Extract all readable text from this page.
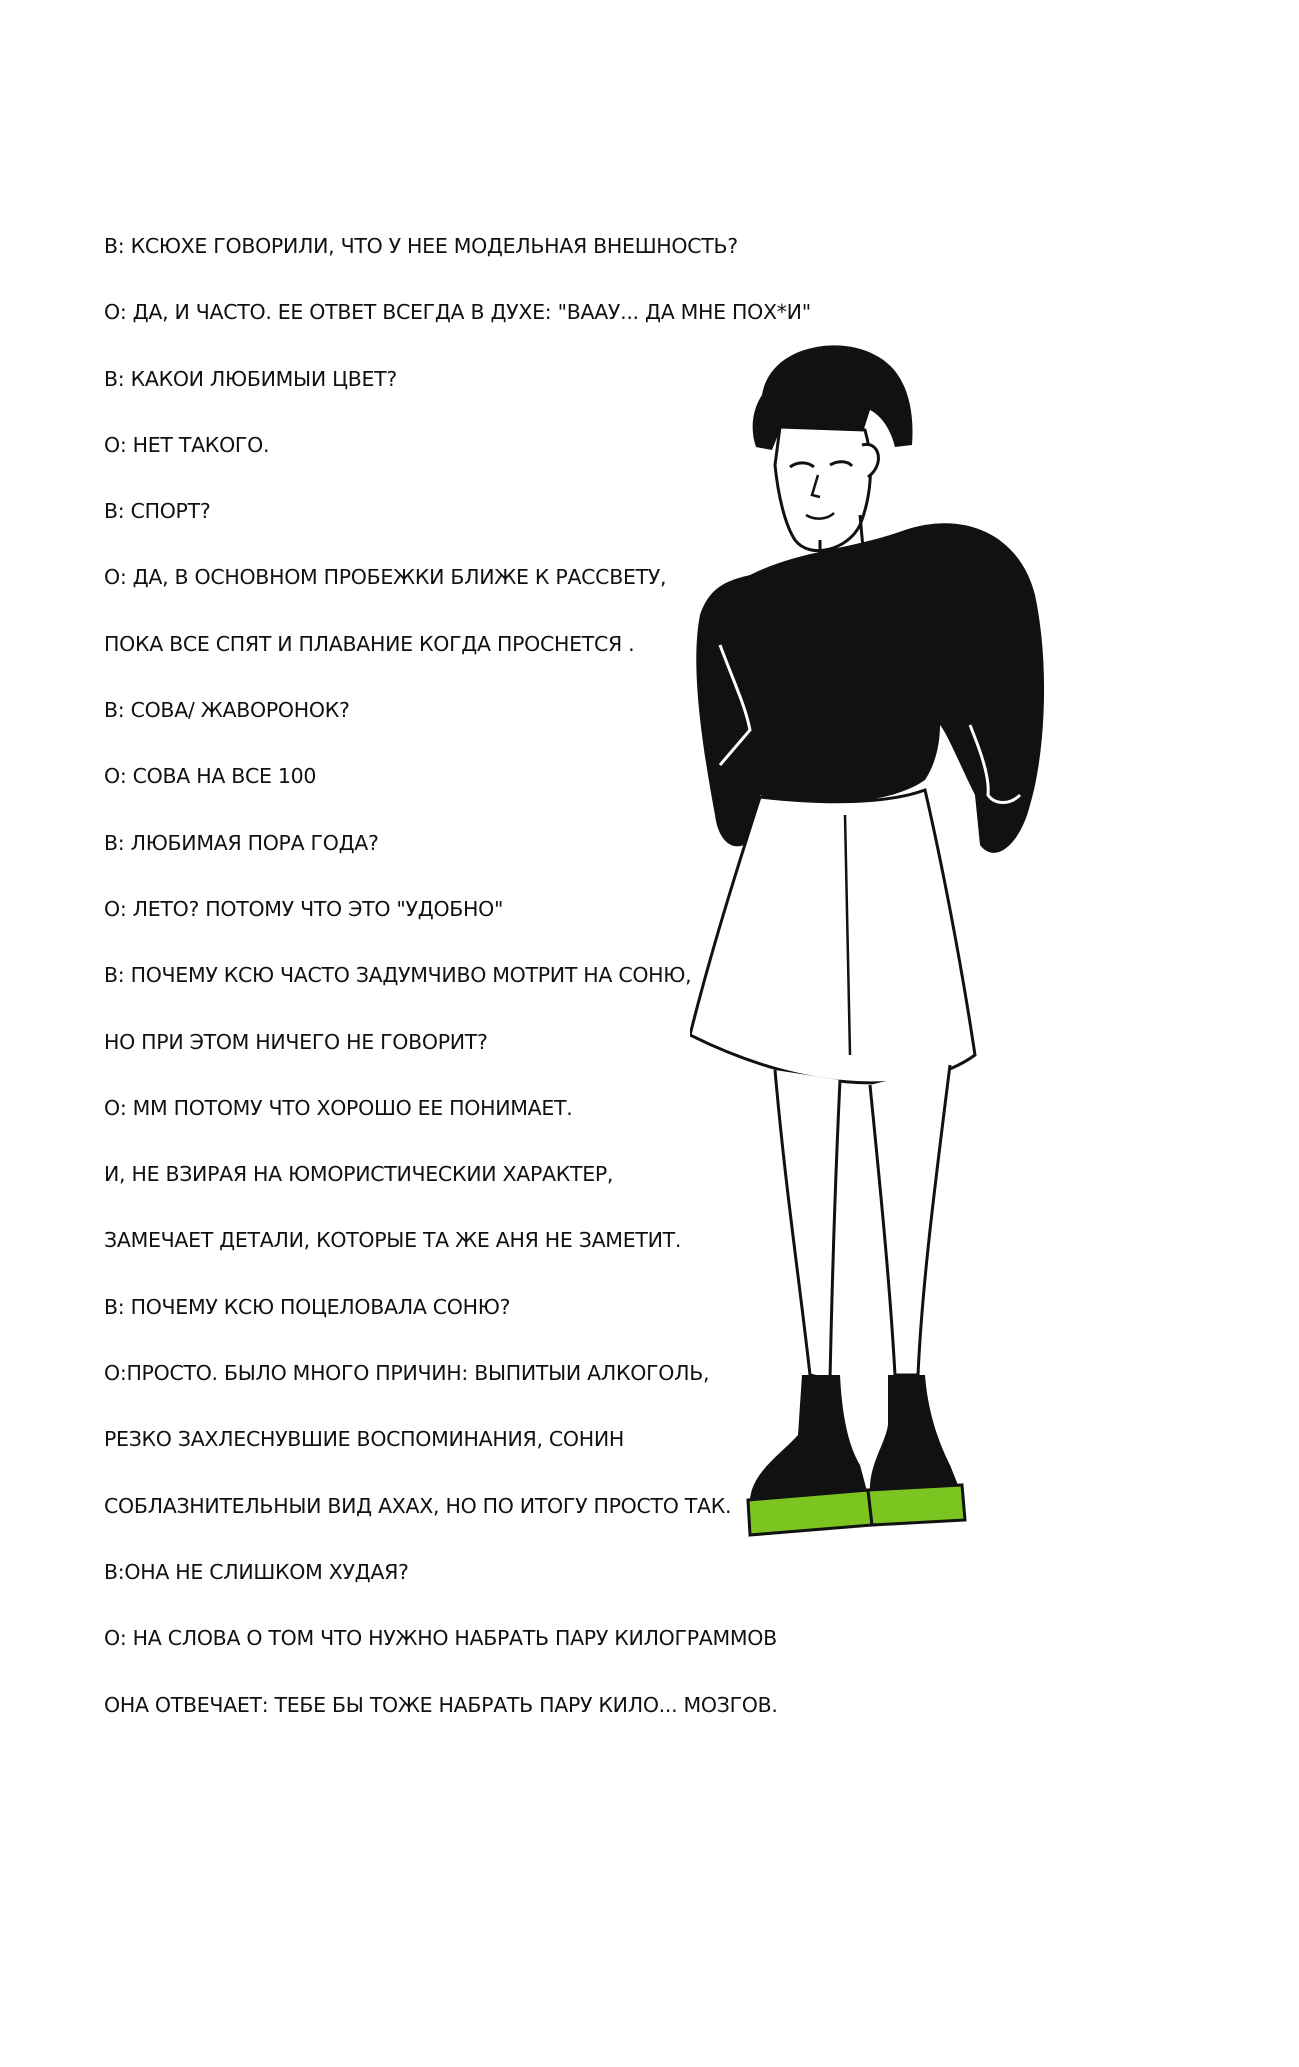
В: КСЮХЕ ГОВОРИЛИ, ЧТО У НЕЕ МОДЕЛЬНАЯ ВНЕШНОСТЬ?
О: ДА, И ЧАСТО. ЕЕ ОТВЕТ ВСЕГДА В ДУХЕ: "ВААУ... ДА МНЕ ПОХ*И"
В: КАКОИ ЛЮБИМЫИ ЦВЕТ?
О: НЕТ ТАКОГО.
В: СПОРТ?
О: ДА, В ОСНОВНОМ ПРОБЕЖКИ БЛИЖЕ К РАССВЕТУ,
ПОКА ВСЕ СПЯТ И ПЛАВАНИЕ КОГДА ПРОСНЕТСЯ .
В: СОВА/ ЖАВОРОНОК?
О: СОВА НА ВСЕ 100
В: ЛЮБИМАЯ ПОРА ГОДА?
О: ЛЕТО? ПОТОМУ ЧТО ЭТО "УДОБНО"
В: ПОЧЕМУ КСЮ ЧАСТО ЗАДУМЧИВО МОТРИТ НА СОНЮ,
НО ПРИ ЭТОМ НИЧЕГО НЕ ГОВОРИТ?
О: ММ ПОТОМУ ЧТО ХОРОШО ЕЕ ПОНИМАЕТ.
И, НЕ ВЗИРАЯ НА ЮМОРИСТИЧЕСКИИ ХАРАКТЕР,
ЗАМЕЧАЕТ ДЕТАЛИ, КОТОРЫЕ ТА ЖЕ АНЯ НЕ ЗАМЕТИТ.
В: ПОЧЕМУ КСЮ ПОЦЕЛОВАЛА СОНЮ?
О:ПРОСТО. БЫЛО МНОГО ПРИЧИН: ВЫПИТЫИ АЛКОГОЛЬ,
РЕЗКО ЗАХЛЕСНУВШИЕ ВОСПОМИНАНИЯ, СОНИН
СОБЛАЗНИТЕЛЬНЫИ ВИД АХАХ, НО ПО ИТОГУ ПРОСТО ТАК.
В:ОНА НЕ СЛИШКОМ ХУДАЯ?
О: НА СЛОВА О ТОМ ЧТО НУЖНО НАБРАТЬ ПАРУ КИЛОГРАММОВ
ОНА ОТВЕЧАЕТ: ТЕБЕ БЫ ТОЖЕ НАБРАТЬ ПАРУ КИЛО... МОЗГОВ.
